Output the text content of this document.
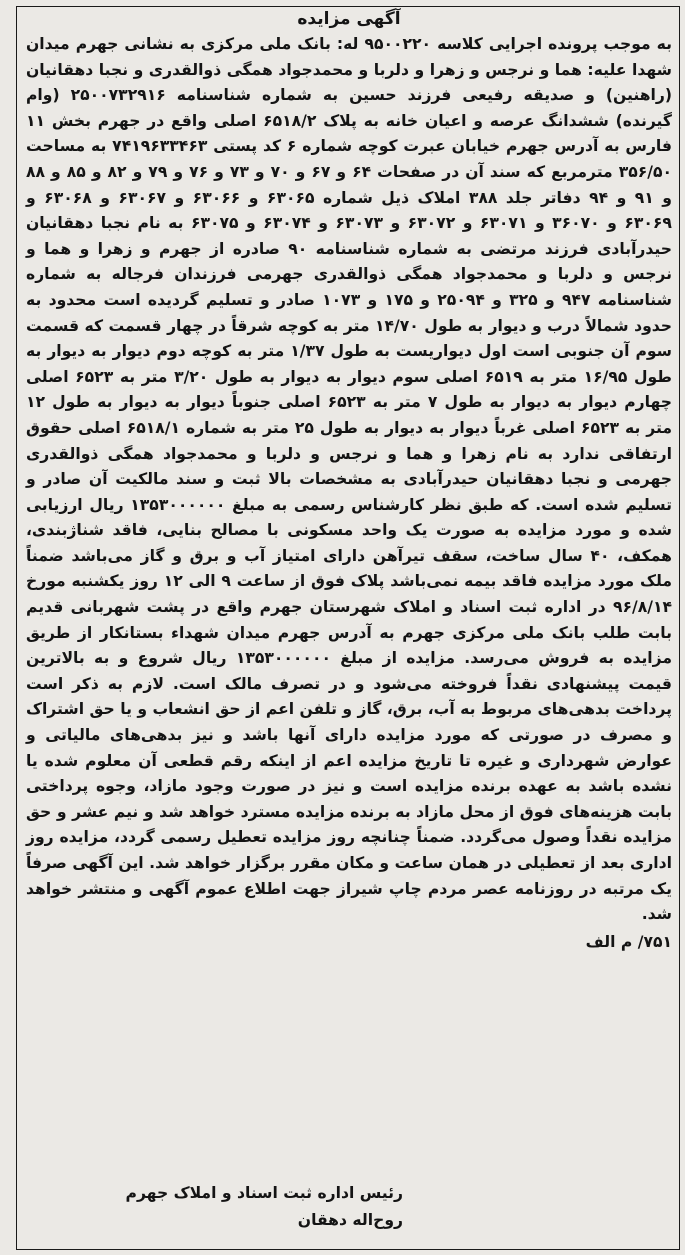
آگهی مزایده

به موجب پرونده اجرایی کلاسه ۹۵۰۰۲۲۰ له: بانک ملی مرکزی به نشانی جهرم میدان شهدا علیه: هما و نرجس و زهرا و دلربا و محمدجواد همگی ذوالقدری و نجبا دهقانیان (راهنین) و صدیقه رفیعی فرزند حسین به شماره شناسنامه ۲۵۰۰۷۳۲۹۱۶ (وام گیرنده) ششدانگ عرصه و اعیان خانه به پلاک ۶۵۱۸/۲ اصلی واقع در جهرم بخش ۱۱ فارس به آدرس جهرم خیابان عبرت کوچه شماره ۶ کد پستی ۷۴۱۹۶۳۳۴۶۳ به مساحت ۳۵۶/۵۰ مترمربع که سند آن در صفحات ۶۴ و ۶۷ و ۷۰ و ۷۳ و ۷۶ و ۷۹ و ۸۲ و ۸۵ و ۸۸ و ۹۱ و ۹۴ دفاتر جلد ۳۸۸ املاک ذیل شماره ۶۳۰۶۵ و ۶۳۰۶۶ و ۶۳۰۶۷ و ۶۳۰۶۸ و ۶۳۰۶۹ و ۳۶۰۷۰ و ۶۳۰۷۱ و ۶۳۰۷۲ و ۶۳۰۷۳ و ۶۳۰۷۴ و ۶۳۰۷۵ به نام نجبا دهقانیان حیدرآبادی فرزند مرتضی به شماره شناسنامه ۹۰ صادره از جهرم و زهرا و هما و نرجس و دلربا و محمدجواد همگی ذوالقدری جهرمی فرزندان فرجاله به شماره شناسنامه ۹۴۷ و ۳۲۵ و ۲۵۰۹۴ و ۱۷۵ و ۱۰۷۳ صادر و تسلیم گردیده است محدود به حدود شمالاً درب و دیوار به طول ۱۴/۷۰ متر به کوچه شرقاً در چهار قسمت که قسمت سوم آن جنوبی است اول دیواریست به طول ۱/۳۷ متر به کوچه دوم دیوار به دیوار به طول ۱۶/۹۵ متر به ۶۵۱۹ اصلی سوم دیوار به دیوار به طول ۳/۲۰ متر به ۶۵۲۳ اصلی چهارم دیوار به دیوار به طول ۷ متر به ۶۵۲۳ اصلی جنوباً دیوار به دیوار به طول ۱۲ متر به ۶۵۲۳ اصلی غرباً دیوار به دیوار به طول ۲۵ متر به شماره ۶۵۱۸/۱ اصلی حقوق ارتفاقی ندارد به نام زهرا و هما و نرجس و دلربا و محمدجواد همگی ذوالقدری جهرمی و نجبا دهقانیان حیدرآبادی به مشخصات بالا ثبت و سند مالکیت آن صادر و تسلیم شده است. که طبق نظر کارشناس رسمی به مبلغ ۱۳۵۳۰۰۰۰۰۰ ریال ارزیابی شده و مورد مزایده به صورت یک واحد مسکونی با مصالح بنایی، فاقد شناژبندی، همکف، ۴۰ سال ساخت، سقف تیرآهن دارای امتیاز آب و برق و گاز می‌باشد ضمناً ملک مورد مزایده فاقد بیمه نمی‌باشد پلاک فوق از ساعت ۹ الی ۱۲ روز یکشنبه مورخ ۹۶/۸/۱۴ در اداره ثبت اسناد و املاک شهرستان جهرم واقع در پشت شهربانی قدیم بابت طلب بانک ملی مرکزی جهرم به آدرس جهرم میدان شهداء بستانکار از طریق مزایده به فروش می‌رسد. مزایده از مبلغ ۱۳۵۳۰۰۰۰۰۰ ریال شروع و به بالاترین قیمت پیشنهادی نقداً فروخته می‌شود و در تصرف مالک است. لازم به ذکر است پرداخت بدهی‌های مربوط به آب، برق، گاز و تلفن اعم از حق انشعاب و یا حق اشتراک و مصرف در صورتی که مورد مزایده دارای آنها باشد و نیز بدهی‌های مالیاتی و عوارض شهرداری و غیره تا تاریخ مزایده اعم از اینکه رقم قطعی آن معلوم شده یا نشده باشد به عهده برنده مزایده است و نیز در صورت وجود مازاد، وجوه پرداختی بابت هزینه‌های فوق از محل مازاد به برنده مزایده مسترد خواهد شد و نیم عشر و حق مزایده نقداً وصول می‌گردد. ضمناً چنانچه روز مزایده تعطیل رسمی گردد، مزایده روز اداری بعد از تعطیلی در همان ساعت و مکان مقرر برگزار خواهد شد. این آگهی صرفاً یک مرتبه در روزنامه عصر مردم چاپ شیراز جهت اطلاع عموم آگهی و منتشر خواهد شد.

۷۵۱/ م الف

رئیس اداره ثبت اسناد و املاک جهرم
روح‌اله دهقان
